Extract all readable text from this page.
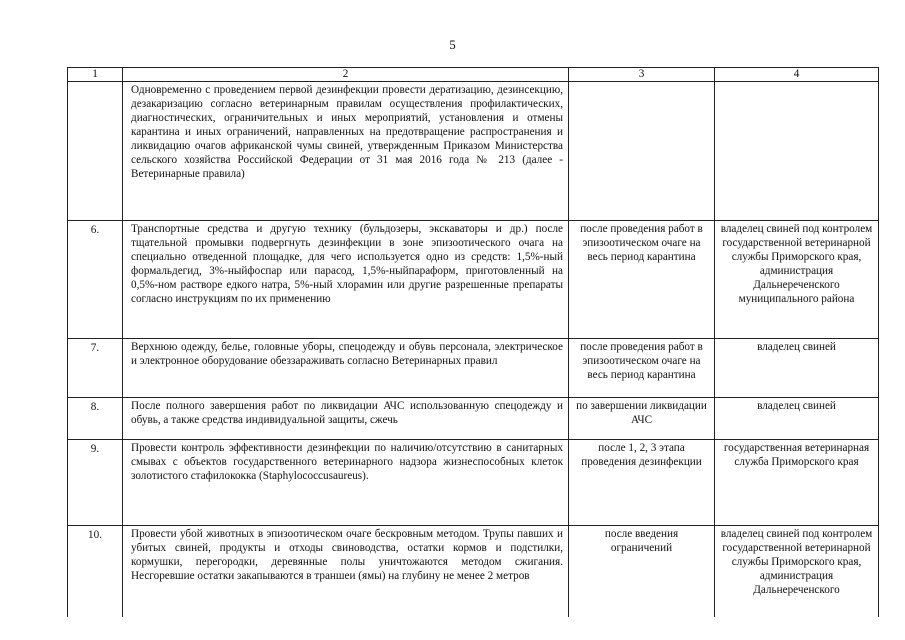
5
1	2	3	4
	Одновременно с проведением первой дезинфекции провести дератизацию, дезинсекцию, дезакаризацию согласно ветеринарным правилам осуществления профилактических, диагностических, ограничительных и иных мероприятий, установления и отмены карантина и иных ограничений, направленных на предотвращение распространения и ликвидацию очагов африканской чумы свиней, утвержденным Приказом Министерства сельского хозяйства Российской Федерации от 31 мая 2016 года № 213 (далее - Ветеринарные правила)		
6.	Транспортные средства и другую технику (бульдозеры, экскаваторы и др.) после тщательной промывки подвергнуть дезинфекции в зоне эпизоотического очага на специально отведенной площадке, для чего используется одно из средств: 1,5%-ный формальдегид, 3%-ныйфоспар или парасод, 1,5%-ныйпараформ, приготовленный на 0,5%-ном растворе едкого натра, 5%-ный хлорамин или другие разрешенные препараты согласно инструкциям по их применению	после проведения работ в эпизоотическом очаге на весь период карантина	владелец свиней под контролем государственной ветеринарной службы Приморского края, администрация Дальнереченского муниципального района
7.	Верхнюю одежду, белье, головные уборы, спецодежду и обувь персонала, электрическое и электронное оборудование обеззараживать согласно Ветеринарных правил	после проведения работ в эпизоотическом очаге на весь период карантина	владелец свиней
8.	После полного завершения работ по ликвидации АЧС использованную спецодежду и обувь, а также средства индивидуальной защиты, сжечь	по завершении ликвидации АЧС	владелец свиней
9.	Провести контроль эффективности дезинфекции по наличию/отсутствию в санитарных смывах с объектов государственного ветеринарного надзора жизнеспособных клеток золотистого стафилококка (Staphylococcusaureus).	после 1, 2, 3 этапа проведения дезинфекции	государственная ветеринарная служба Приморского края
10.	Провести убой животных в эпизоотическом очаге бескровным методом. Трупы павших и убитых свиней, продукты и отходы свиноводства, остатки кормов и подстилки, кормушки, перегородки, деревянные полы уничтожаются методом сжигания. Несгоревшие остатки закапываются в траншеи (ямы) на глубину не менее 2 метров	после введения ограничений	владелец свиней под контролем государственной ветеринарной службы Приморского края, администрация Дальнереченского
